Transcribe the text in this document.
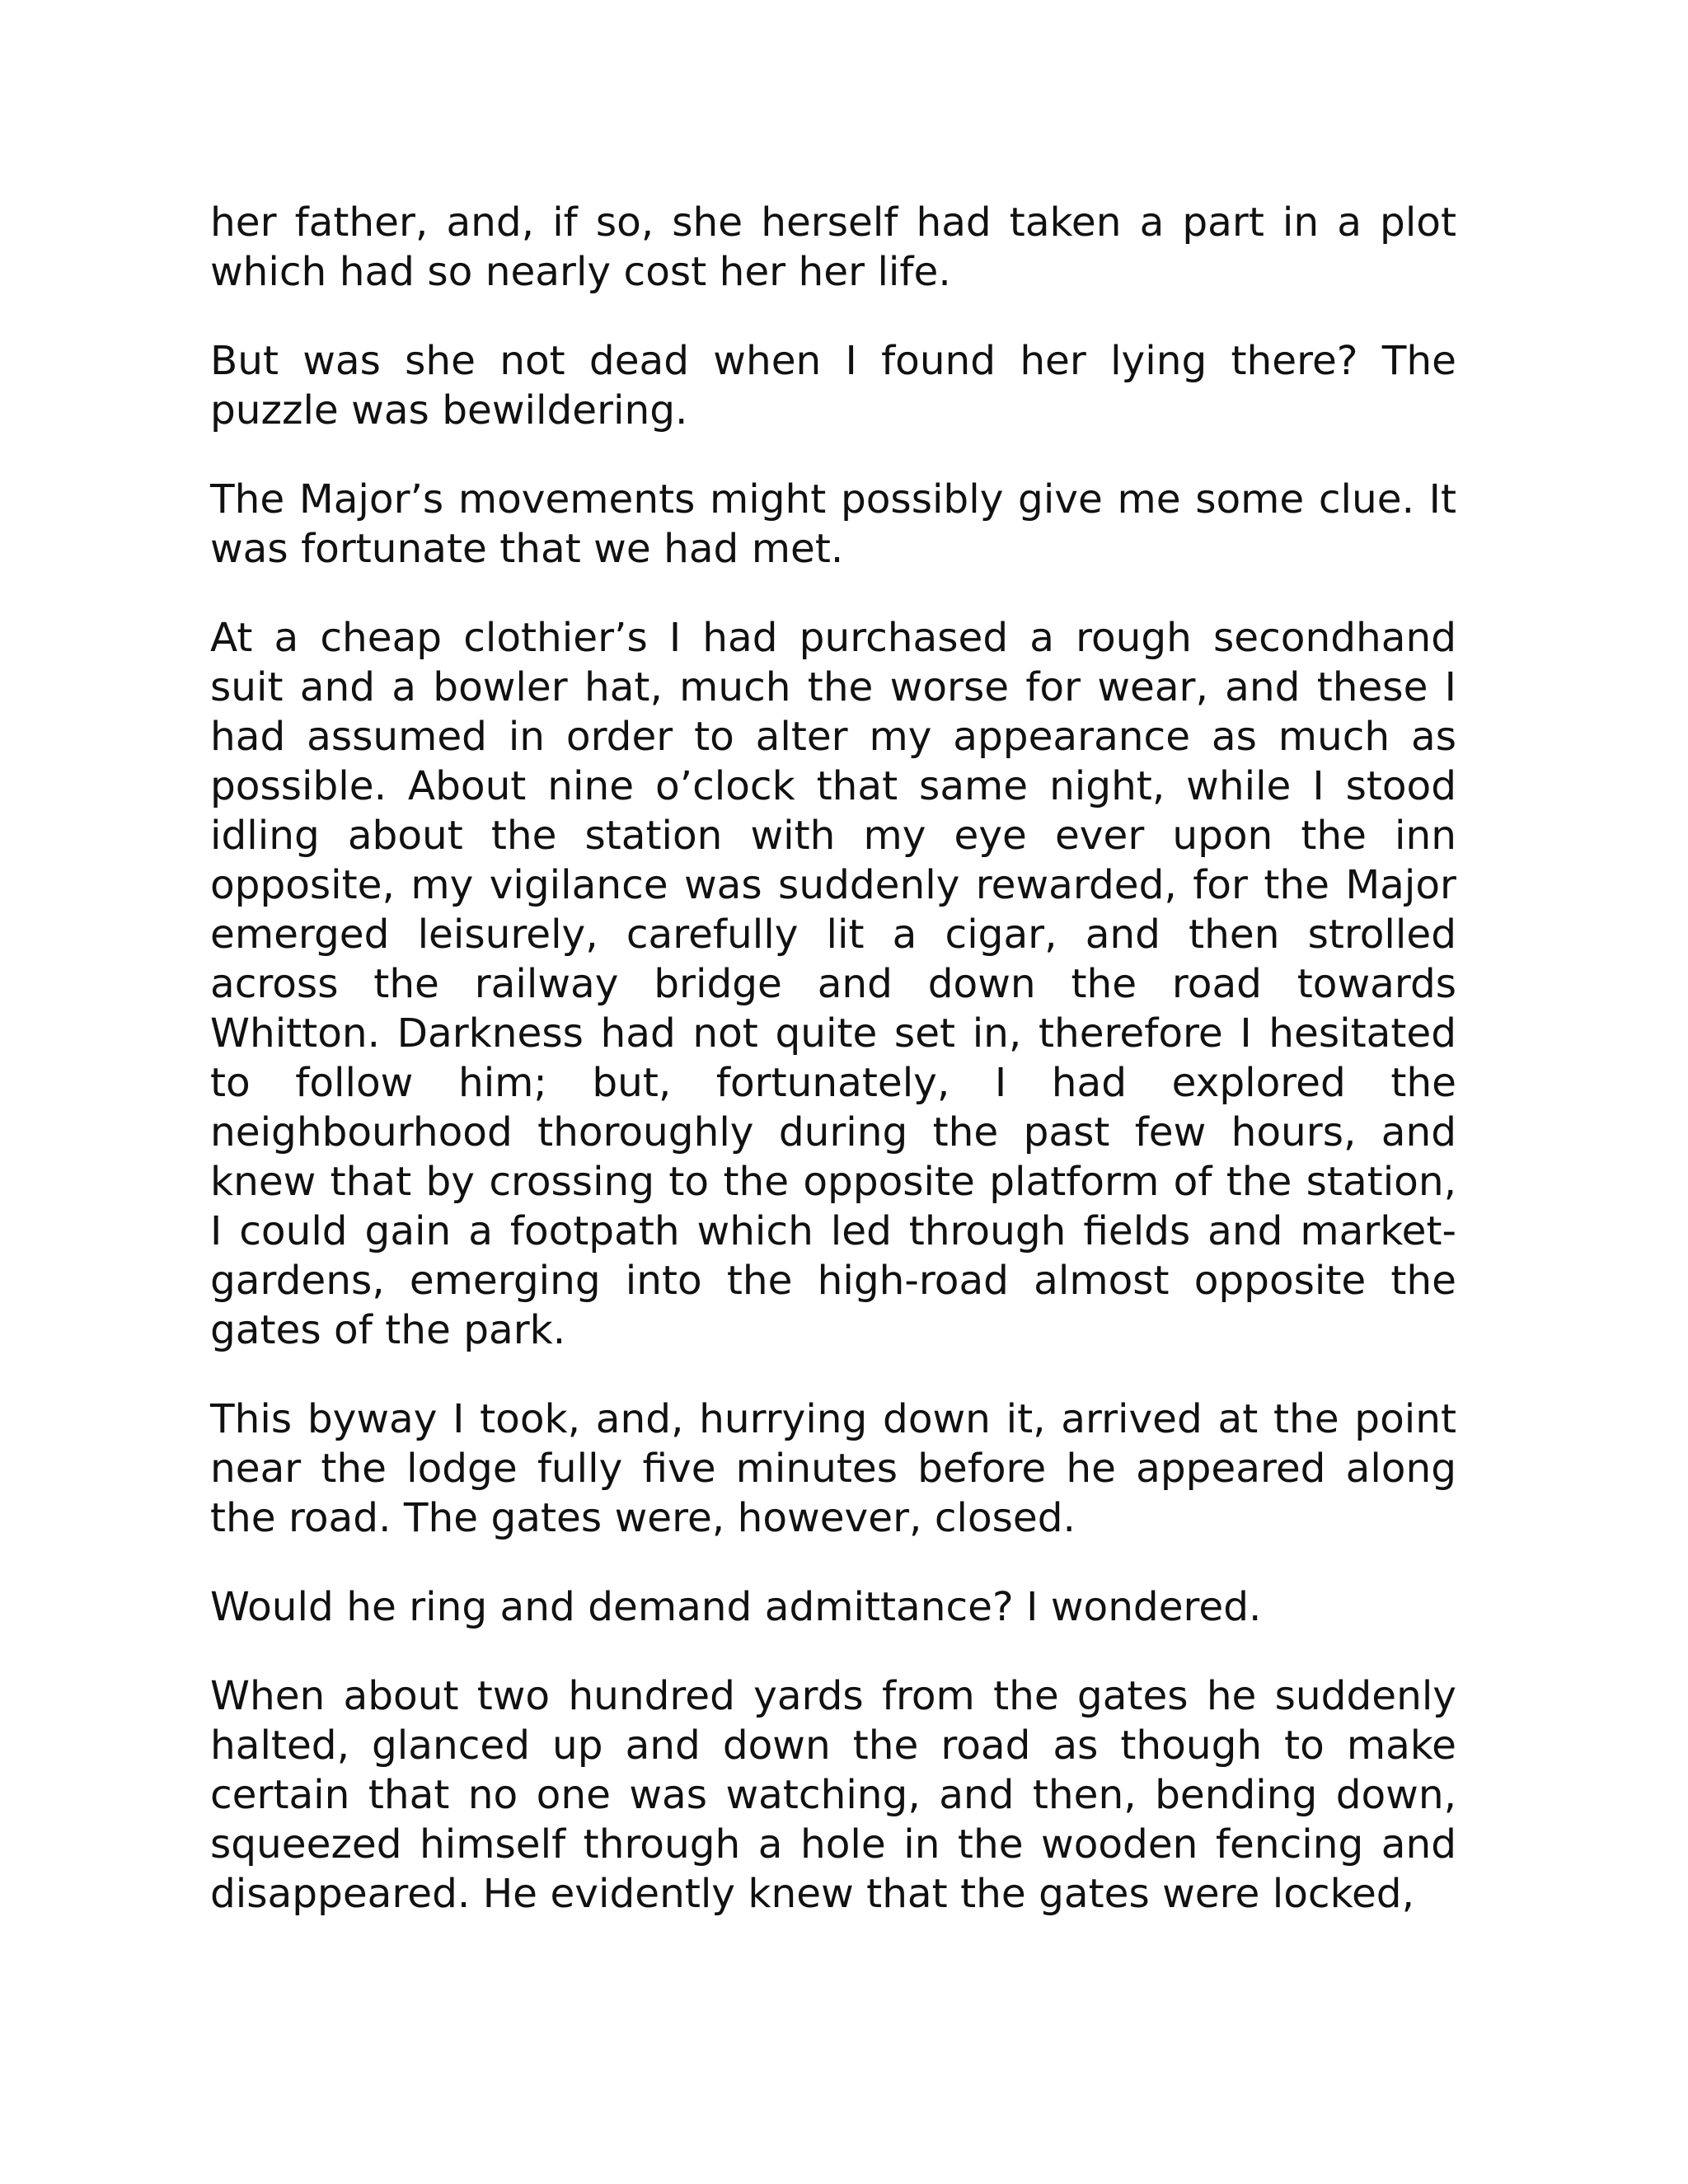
her father, and, if so, she herself had taken a part in a plot which had so nearly cost her her life.

But was she not dead when I found her lying there? The puzzle was bewildering.

The Major’s movements might possibly give me some clue. It was fortunate that we had met.

At a cheap clothier’s I had purchased a rough secondhand suit and a bowler hat, much the worse for wear, and these I had assumed in order to alter my appearance as much as possible. About nine o’clock that same night, while I stood idling about the station with my eye ever upon the inn opposite, my vigilance was suddenly rewarded, for the Major emerged leisurely, carefully lit a cigar, and then strolled across the railway bridge and down the road towards Whitton. Darkness had not quite set in, therefore I hesitated to follow him; but, fortunately, I had explored the neighbourhood thoroughly during the past few hours, and knew that by crossing to the opposite platform of the station, I could gain a footpath which led through fields and market-gardens, emerging into the high-road almost opposite the gates of the park.

This byway I took, and, hurrying down it, arrived at the point near the lodge fully five minutes before he appeared along the road. The gates were, however, closed.

Would he ring and demand admittance? I wondered.

When about two hundred yards from the gates he suddenly halted, glanced up and down the road as though to make certain that no one was watching, and then, bending down, squeezed himself through a hole in the wooden fencing and disappeared. He evidently knew that the gates were locked,
